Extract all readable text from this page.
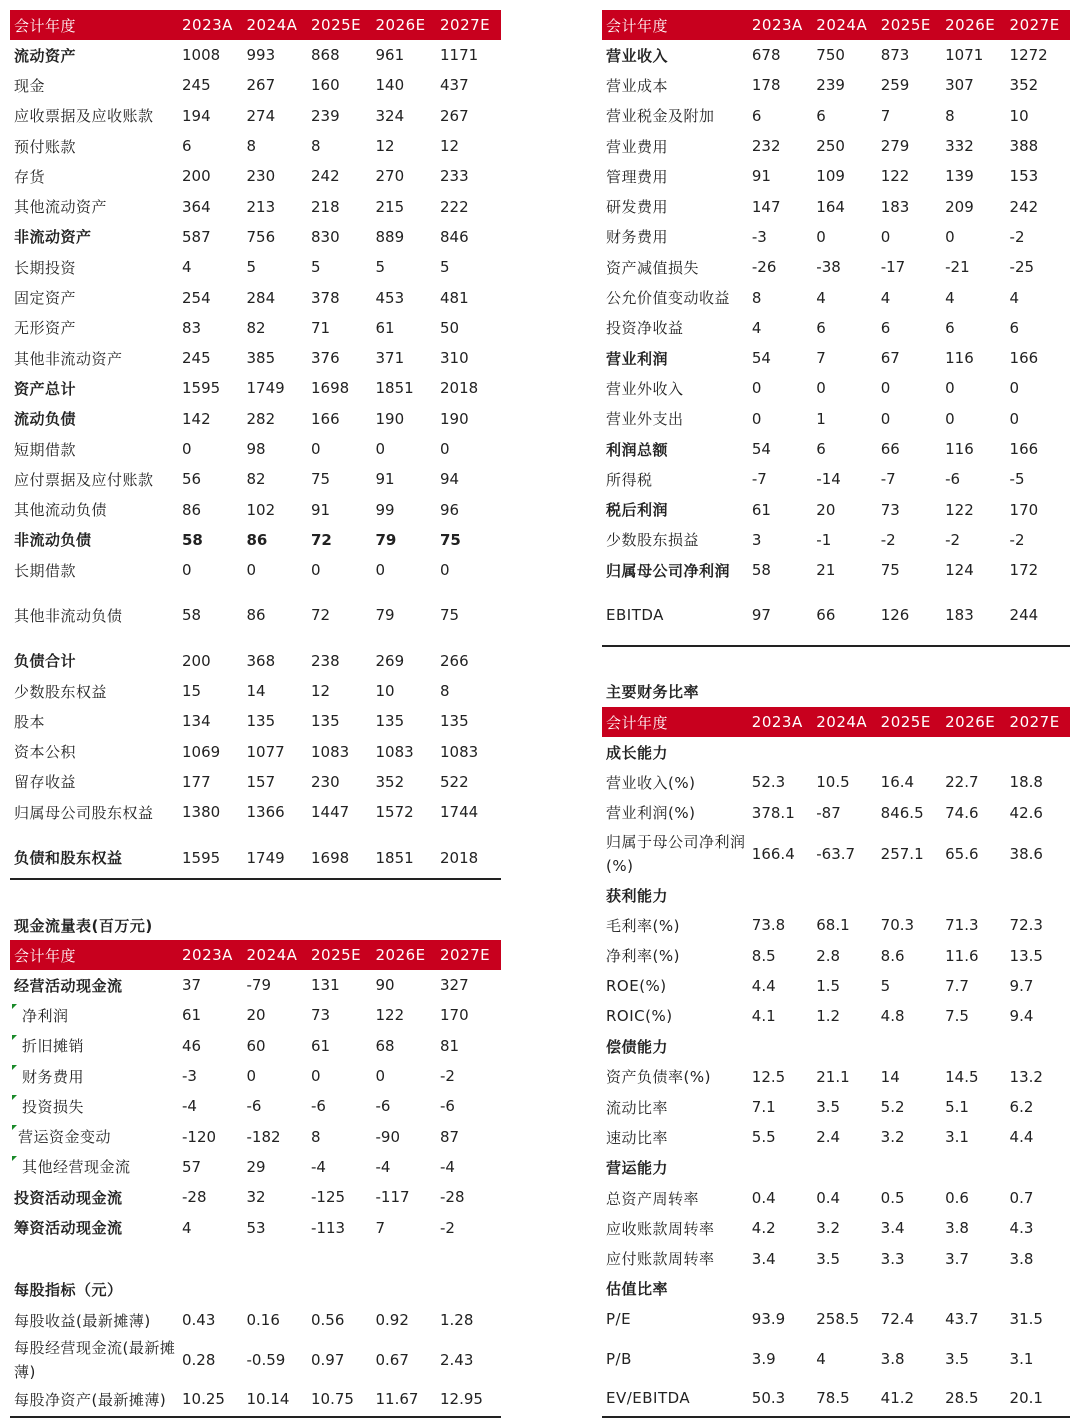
会计年度	2023A	2024A	2025E	2026E	2027E
流动资产	1008	993	868	961	1171
现金	245	267	160	140	437
应收票据及应收账款	194	274	239	324	267
预付账款	6	8	8	12	12
存货	200	230	242	270	233
其他流动资产	364	213	218	215	222
非流动资产	587	756	830	889	846
长期投资	4	5	5	5	5
固定资产	254	284	378	453	481
无形资产	83	82	71	61	50
其他非流动资产	245	385	376	371	310
资产总计	1595	1749	1698	1851	2018
流动负债	142	282	166	190	190
短期借款	0	98	0	0	0
应付票据及应付账款	56	82	75	91	94
其他流动负债	86	102	91	99	96
非流动负债	58	86	72	79	75
长期借款	0	0	0	0	0

其他非流动负债	58	86	72	79	75

负债合计	200	368	238	269	266
少数股东权益	15	14	12	10	8
股本	134	135	135	135	135
资本公积	1069	1077	1083	1083	1083
留存收益	177	157	230	352	522
归属母公司股东权益	1380	1366	1447	1572	1744

负债和股东权益	1595	1749	1698	1851	2018
现金流量表(百万元)
会计年度	2023A	2024A	2025E	2026E	2027E
经营活动现金流	37	-79	131	90	327
净利润	61	20	73	122	170
折旧摊销	46	60	61	68	81
财务费用	-3	0	0	0	-2
投资损失	-4	-6	-6	-6	-6
营运资金变动	-120	-182	8	-90	87
其他经营现金流	57	29	-4	-4	-4
投资活动现金流	-28	32	-125	-117	-28
筹资活动现金流	4	53	-113	7	-2
每股指标（元）
每股收益(最新摊薄)	0.43	0.16	0.56	0.92	1.28
每股经营现金流(最新摊薄)	0.28	-0.59	0.97	0.67	2.43
每股净资产(最新摊薄)	10.25	10.14	10.75	11.67	12.95
会计年度	2023A	2024A	2025E	2026E	2027E
营业收入	678	750	873	1071	1272
营业成本	178	239	259	307	352
营业税金及附加	6	6	7	8	10
营业费用	232	250	279	332	388
管理费用	91	109	122	139	153
研发费用	147	164	183	209	242
财务费用	-3	0	0	0	-2
资产减值损失	-26	-38	-17	-21	-25
公允价值变动收益	8	4	4	4	4
投资净收益	4	6	6	6	6
营业利润	54	7	67	116	166
营业外收入	0	0	0	0	0
营业外支出	0	1	0	0	0
利润总额	54	6	66	116	166
所得税	-7	-14	-7	-6	-5
税后利润	61	20	73	122	170
少数股东损益	3	-1	-2	-2	-2
归属母公司净利润	58	21	75	124	172

EBITDA	97	66	126	183	244
主要财务比率
会计年度	2023A	2024A	2025E	2026E	2027E
成长能力					
营业收入(%)	52.3	10.5	16.4	22.7	18.8
营业利润(%)	378.1	-87	846.5	74.6	42.6
归属于母公司净利润(%)	166.4	-63.7	257.1	65.6	38.6
获利能力					
毛利率(%)	73.8	68.1	70.3	71.3	72.3
净利率(%)	8.5	2.8	8.6	11.6	13.5
ROE(%)	4.4	1.5	5	7.7	9.7
ROIC(%)	4.1	1.2	4.8	7.5	9.4
偿债能力					
资产负债率(%)	12.5	21.1	14	14.5	13.2
流动比率	7.1	3.5	5.2	5.1	6.2
速动比率	5.5	2.4	3.2	3.1	4.4
营运能力					
总资产周转率	0.4	0.4	0.5	0.6	0.7
应收账款周转率	4.2	3.2	3.4	3.8	4.3
应付账款周转率	3.4	3.5	3.3	3.7	3.8
估值比率					
P/E	93.9	258.5	72.4	43.7	31.5
P/B	3.9	4	3.8	3.5	3.1
EV/EBITDA	50.3	78.5	41.2	28.5	20.1
